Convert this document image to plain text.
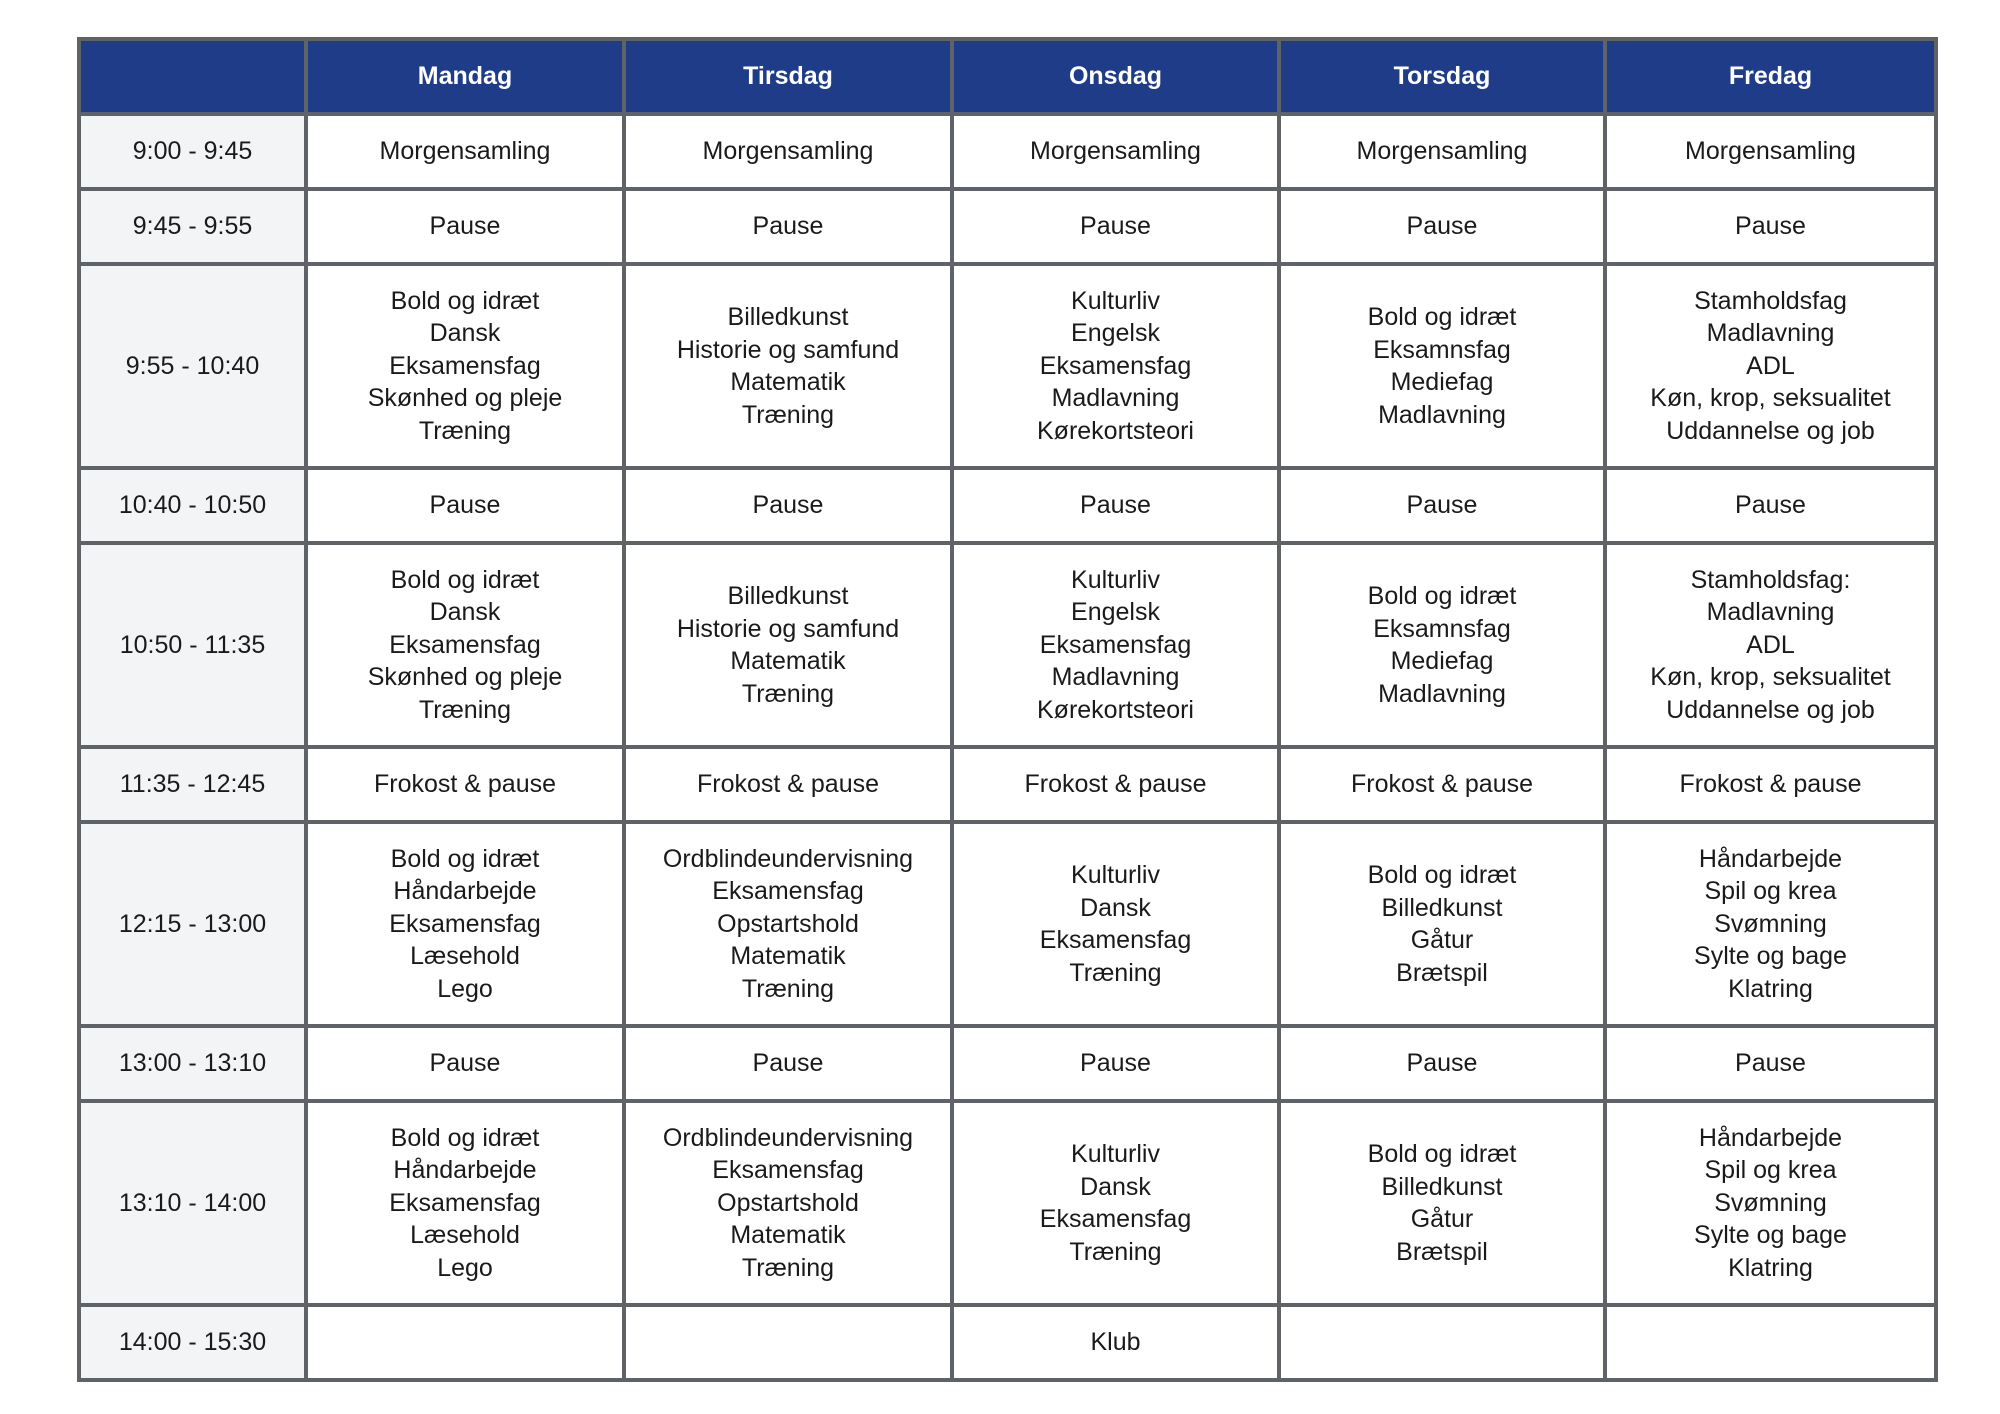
	Mandag	Tirsdag	Onsdag	Torsdag	Fredag
9:00 - 9:45	Morgensamling	Morgensamling	Morgensamling	Morgensamling	Morgensamling

9:45 - 9:55	Pause	Pause	Pause	Pause	Pause

9:55 - 10:40	Bold og idræt
Dansk
Eksamensfag
Skønhed og pleje
Træning	Billedkunst
Historie og samfund
Matematik
Træning	Kulturliv
Engelsk
Eksamensfag
Madlavning
Kørekortsteori	Bold og idræt
Eksamnsfag
Mediefag
Madlavning	Stamholdsfag
Madlavning
ADL
Køn, krop, seksualitet
Uddannelse og job

10:40 - 10:50	Pause	Pause	Pause	Pause	Pause

10:50 - 11:35	Bold og idræt
Dansk
Eksamensfag
Skønhed og pleje
Træning	Billedkunst
Historie og samfund
Matematik
Træning	Kulturliv
Engelsk
Eksamensfag
Madlavning
Kørekortsteori	Bold og idræt
Eksamnsfag
Mediefag
Madlavning	Stamholdsfag:
Madlavning
ADL
Køn, krop, seksualitet
Uddannelse og job

11:35 - 12:45	Frokost & pause	Frokost & pause	Frokost & pause	Frokost & pause	Frokost & pause

12:15 - 13:00	Bold og idræt
Håndarbejde
Eksamensfag
Læsehold
Lego	Ordblindeundervisning
Eksamensfag
Opstartshold
Matematik
Træning	Kulturliv
Dansk
Eksamensfag
Træning	Bold og idræt
Billedkunst
Gåtur
Brætspil	Håndarbejde
Spil og krea
Svømning
Sylte og bage
Klatring

13:00 - 13:10	Pause	Pause	Pause	Pause	Pause

13:10 - 14:00	Bold og idræt
Håndarbejde
Eksamensfag
Læsehold
Lego	Ordblindeundervisning
Eksamensfag
Opstartshold
Matematik
Træning	Kulturliv
Dansk
Eksamensfag
Træning	Bold og idræt
Billedkunst
Gåtur
Brætspil	Håndarbejde
Spil og krea
Svømning
Sylte og bage
Klatring

14:00 - 15:30			Klub		
